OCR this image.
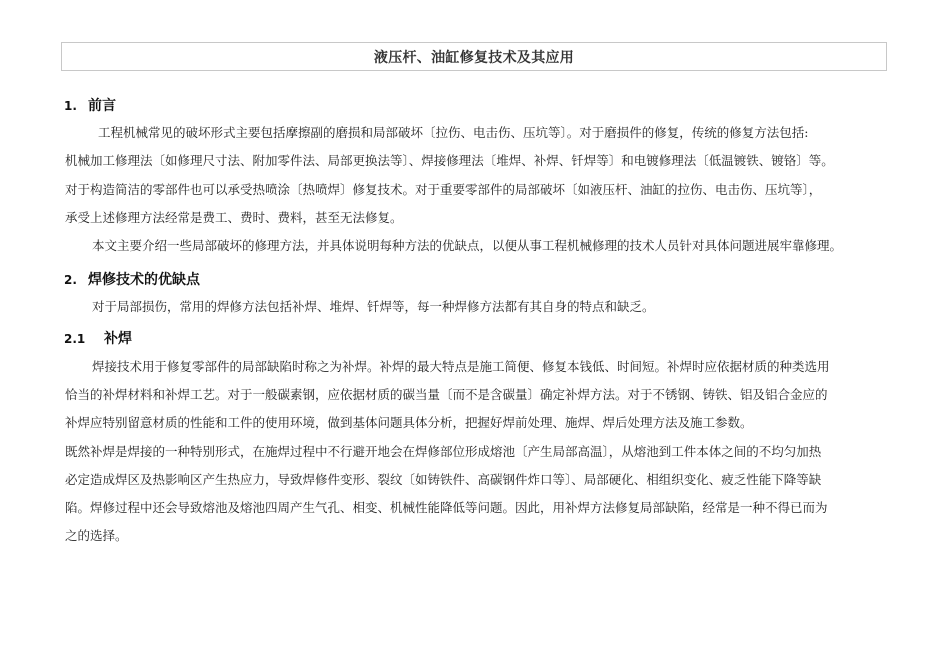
液压杆、油缸修复技术及其应用
1. 前言
工程机械常见的破坏形式主要包括摩擦副的磨损和局部破坏〔拉伤、电击伤、压坑等〕。对于磨损件的修复，传统的修复方法包括:
机械加工修理法〔如修理尺寸法、附加零件法、局部更换法等〕、焊接修理法〔堆焊、补焊、钎焊等〕和电镀修理法〔低温镀铁、镀铬〕等。
对于构造简洁的零部件也可以承受热喷涂〔热喷焊〕修复技术。对于重要零部件的局部破坏〔如液压杆、油缸的拉伤、电击伤、压坑等〕，
承受上述修理方法经常是费工、费时、费料，甚至无法修复。
本文主要介绍一些局部破坏的修理方法，并具体说明每种方法的优缺点，以便从事工程机械修理的技术人员针对具体问题进展牢靠修理。
2. 焊修技术的优缺点
对于局部损伤，常用的焊修方法包括补焊、堆焊、钎焊等，每一种焊修方法都有其自身的特点和缺乏。
2.1 补焊
焊接技术用于修复零部件的局部缺陷时称之为补焊。补焊的最大特点是施工简便、修复本钱低、时间短。补焊时应依据材质的种类选用
恰当的补焊材料和补焊工艺。对于一般碳素钢，应依据材质的碳当量〔而不是含碳量〕确定补焊方法。对于不锈钢、铸铁、铝及铝合金应的
补焊应特别留意材质的性能和工件的使用环境，做到基体问题具体分析，把握好焊前处理、施焊、焊后处理方法及施工参数。
既然补焊是焊接的一种特别形式，在施焊过程中不行避开地会在焊修部位形成熔池〔产生局部高温〕，从熔池到工件本体之间的不均匀加热
必定造成焊区及热影响区产生热应力，导致焊修件变形、裂纹〔如铸铁件、高碳钢件炸口等〕、局部硬化、相组织变化、疲乏性能下降等缺
陷。焊修过程中还会导致熔池及熔池四周产生气孔、相变、机械性能降低等问题。因此，用补焊方法修复局部缺陷，经常是一种不得已而为
之的选择。
